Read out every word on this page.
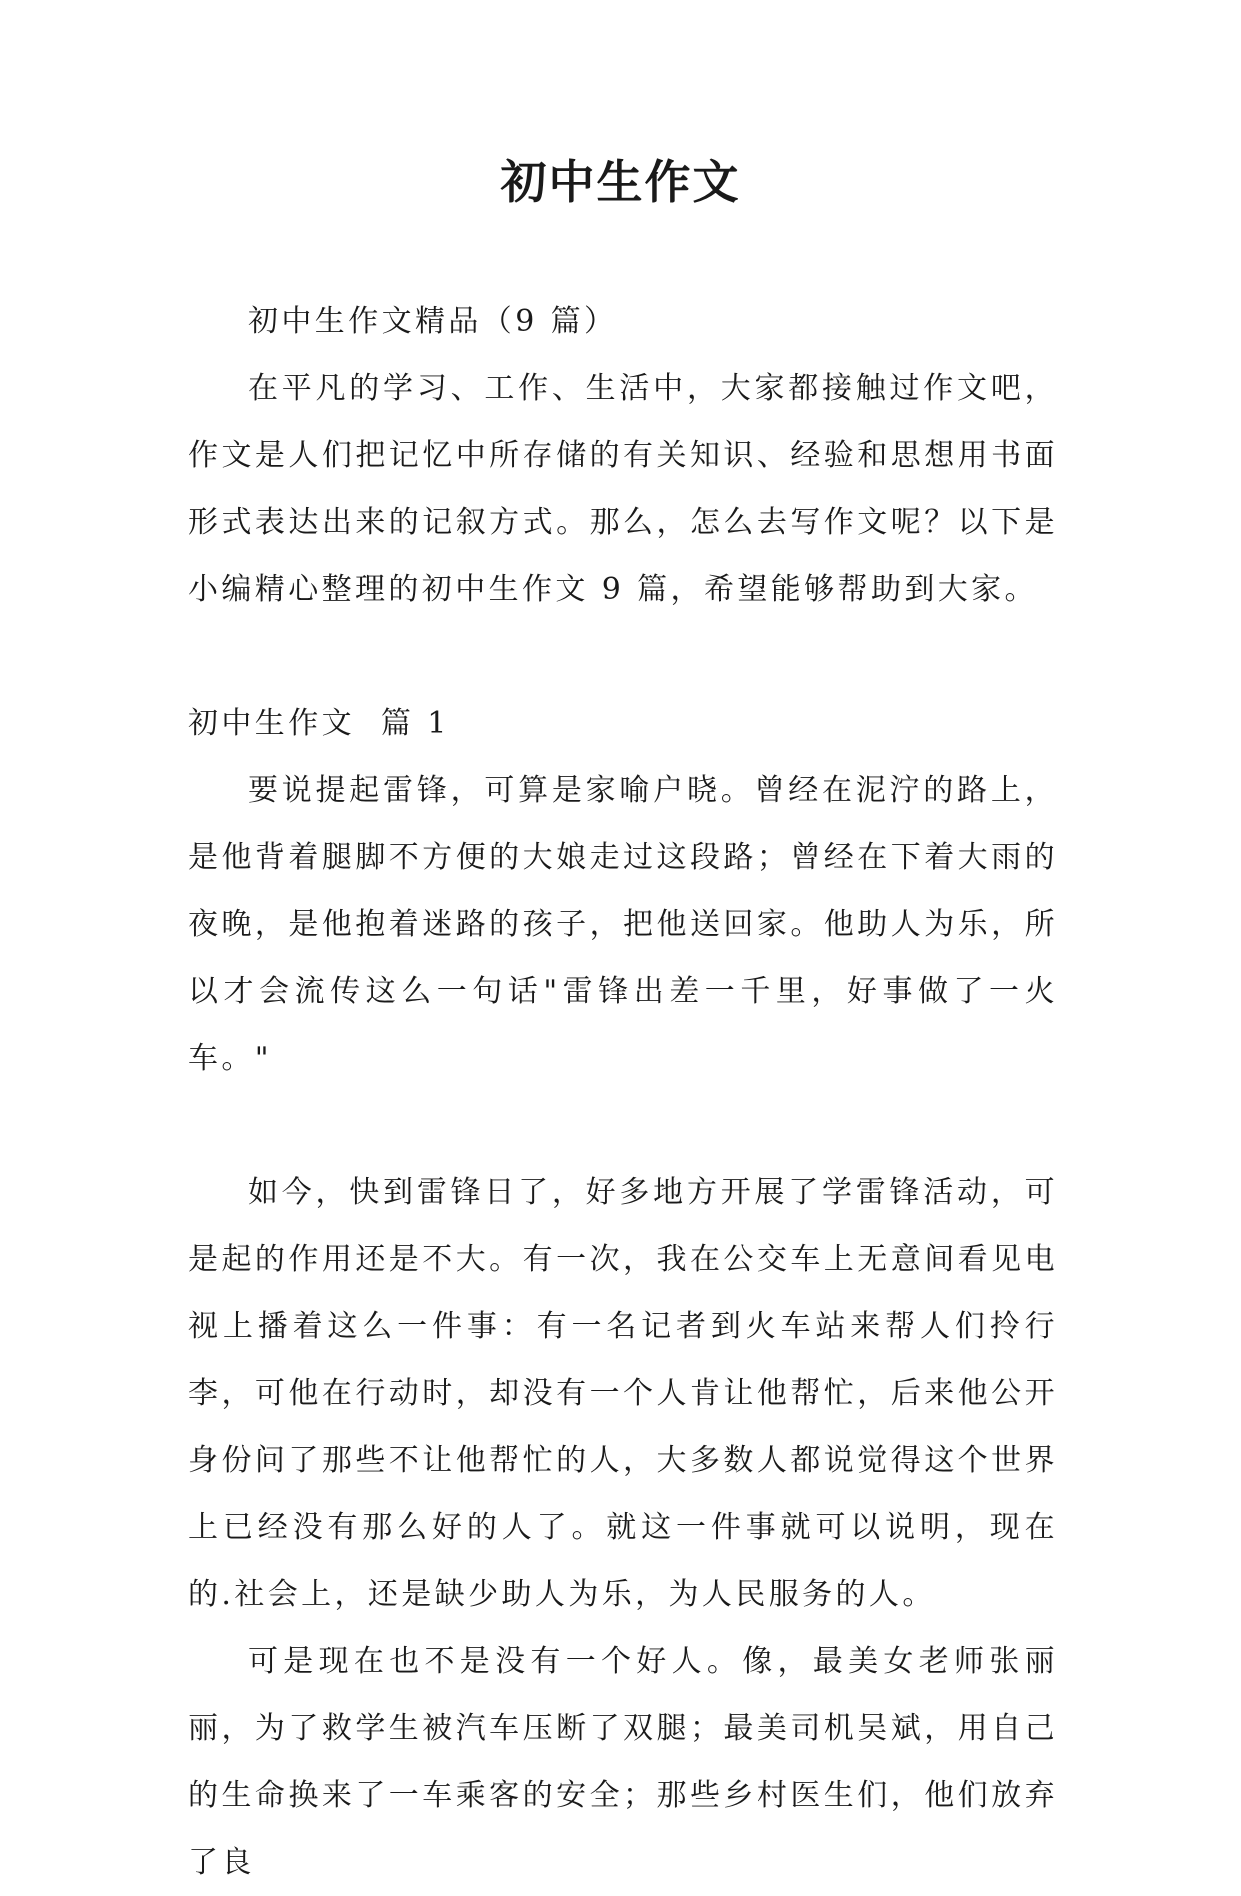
初中生作文

初中生作文精品（9 篇）

在平凡的学习、工作、生活中，大家都接触过作文吧，作文是人们把记忆中所存储的有关知识、经验和思想用书面形式表达出来的记叙方式。那么，怎么去写作文呢？以下是小编精心整理的初中生作文 9 篇，希望能够帮助到大家。

初中生作文  篇 1

要说提起雷锋，可算是家喻户晓。曾经在泥泞的路上，是他背着腿脚不方便的大娘走过这段路；曾经在下着大雨的夜晚，是他抱着迷路的孩子，把他送回家。他助人为乐，所以才会流传这么一句话"雷锋出差一千里，好事做了一火车。"

如今，快到雷锋日了，好多地方开展了学雷锋活动，可是起的作用还是不大。有一次，我在公交车上无意间看见电视上播着这么一件事：有一名记者到火车站来帮人们拎行李，可他在行动时，却没有一个人肯让他帮忙，后来他公开身份问了那些不让他帮忙的人，大多数人都说觉得这个世界上已经没有那么好的人了。就这一件事就可以说明，现在的.社会上，还是缺少助人为乐，为人民服务的人。

可是现在也不是没有一个好人。像，最美女老师张丽丽，为了救学生被汽车压断了双腿；最美司机吴斌，用自己的生命换来了一车乘客的安全；那些乡村医生们，他们放弃了良
